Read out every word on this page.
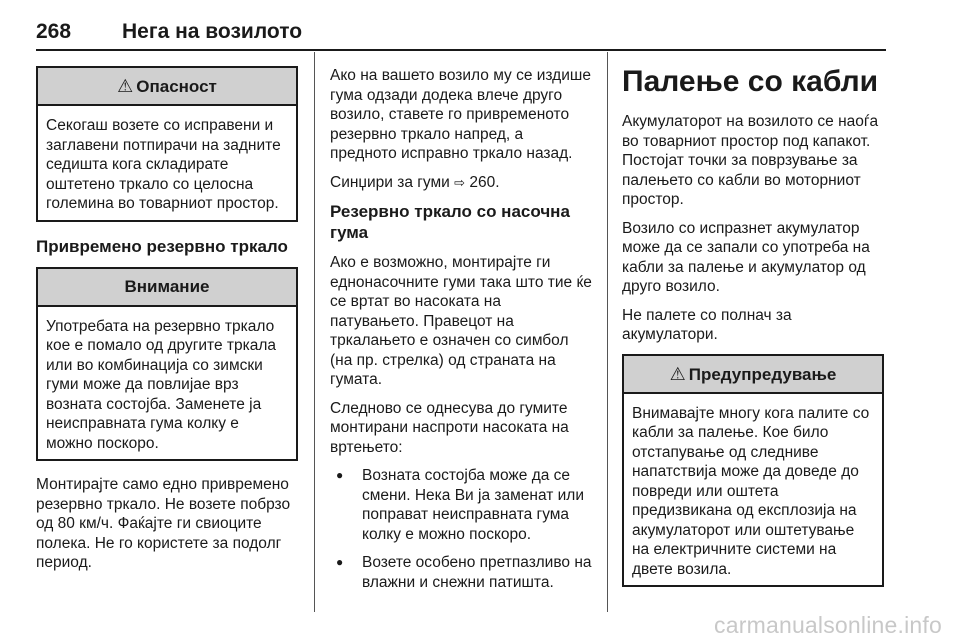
268 Нега на возилото
⚠ Опасност
Секогаш возете со исправени и заглавени потпирачи на задните седишта кога складирате оштетено тркало со целосна големина во товарниот простор.
Привремено резервно тркало
Внимание
Употребата на резервно тркало кое е помало од другите тркала или во комбинација со зимски гуми може да повлијае врз возната состојба. Заменете ја неисправната гума колку е можно поскоро.

Монтирајте само едно привремено резервно тркало. Не возете побрзо од 80 км/ч. Фаќајте ги свиоците полека. Не го користете за подолг период.

Ако на вашето возило му се издише гума одзади додека влече друго возило, ставете го привременото резервно тркало напред, а предното исправно тркало назад.

Синџири за гуми ⇨ 260.

Резервно тркало со насочна гума

Ако е возможно, монтирајте ги еднонасочните гуми така што тие ќе се вртат во насоката на патувањето. Правецот на тркалањето е означен со симбол (на пр. стрелка) од страната на гумата.

Следново се однесува до гумите монтирани наспроти насоката на вртењето:

● Возната состојба може да се смени. Нека Ви ја заменат или поправат неисправната гума колку е можно поскоро.
● Возете особено претпазливо на влажни и снежни патишта.
Палење со кабли

Акумулаторот на возилото се наоѓа во товарниот простор под капакот. Постојат точки за поврзување за палењето со кабли во моторниот простор.

Возило со испразнет акумулатор може да се запали со употреба на кабли за палење и акумулатор од друго возило.

Не палете со полнач за акумулатори.

⚠ Предупредување
Внимавајте многу кога палите со кабли за палење. Кое било отстапување од следниве напатствија може да доведе до повреди или оштета предизвикана од експлозија на акумулаторот или оштетување на електричните системи на двете возила.
carmanualsonline.info
